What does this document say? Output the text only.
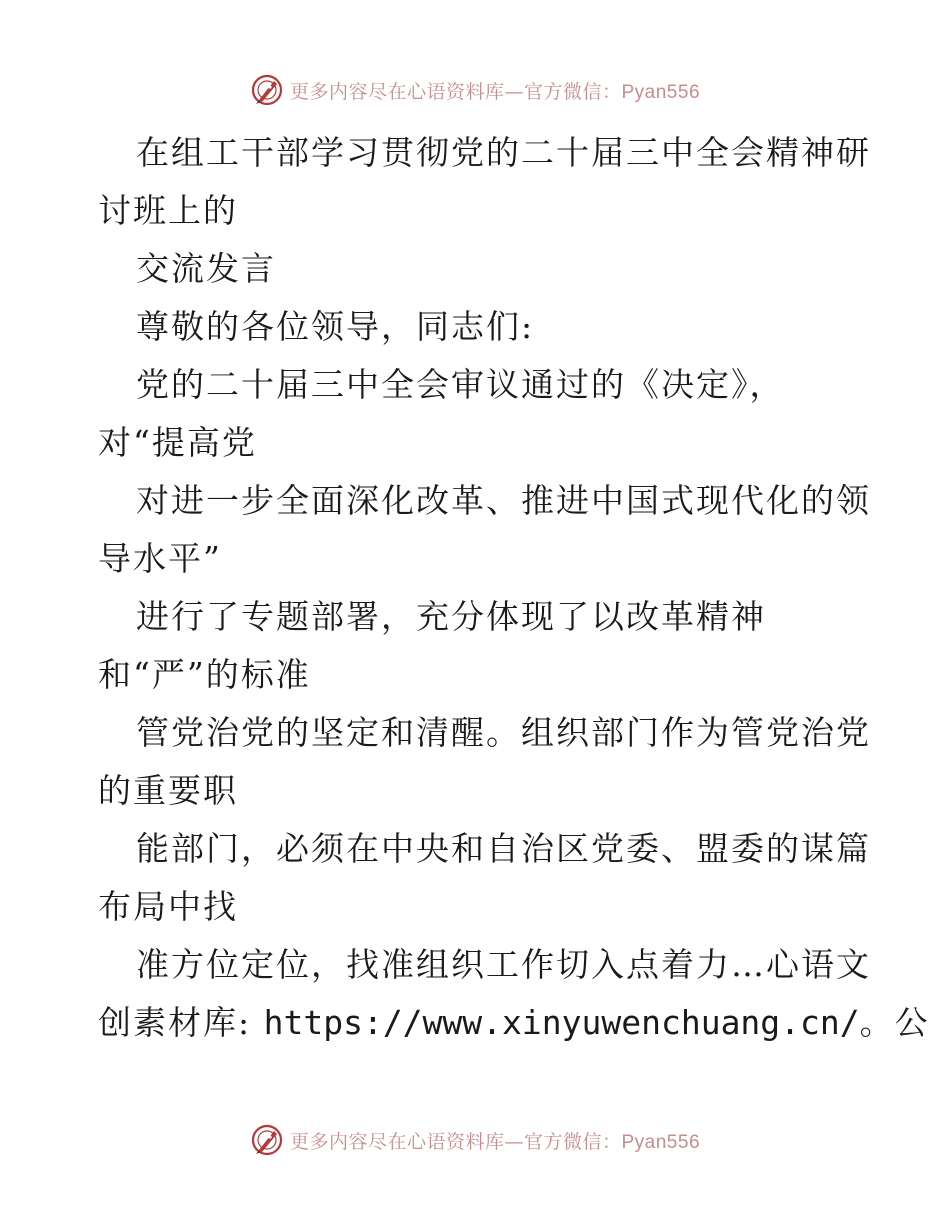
更多内容尽在心语资料库—官方微信：Pyan556
在组工干部学习贯彻党的二十届三中全会精神研
讨班上的
交流发言
尊敬的各位领导，同志们:
党的二十届三中全会审议通过的《决定》，
对“提高党
对进一步全面深化改革、推进中国式现代化的领
导水平”
进行了专题部署，充分体现了以改革精神
和“严”的标准
管党治党的坚定和清醒。组织部门作为管党治党
的重要职
能部门，必须在中央和自治区党委、盟委的谋篇
布局中找
准方位定位，找准组织工作切入点着力…心语文
创素材库: https://www.xinyuwenchuang.cn/。公
更多内容尽在心语资料库—官方微信：Pyan556
